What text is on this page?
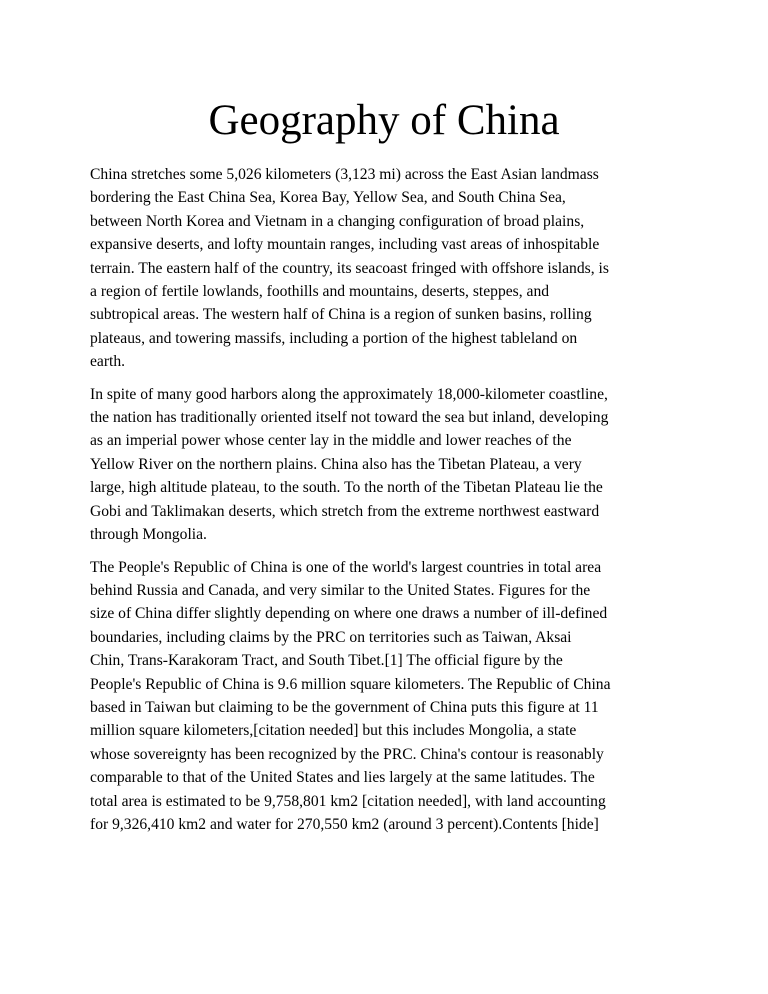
Geography of China

China stretches some 5,026 kilometers (3,123 mi) across the East Asian landmass
bordering the East China Sea, Korea Bay, Yellow Sea, and South China Sea,
between North Korea and Vietnam in a changing configuration of broad plains,
expansive deserts, and lofty mountain ranges, including vast areas of inhospitable
terrain. The eastern half of the country, its seacoast fringed with offshore islands, is
a region of fertile lowlands, foothills and mountains, deserts, steppes, and
subtropical areas. The western half of China is a region of sunken basins, rolling
plateaus, and towering massifs, including a portion of the highest tableland on
earth.

In spite of many good harbors along the approximately 18,000-kilometer coastline,
the nation has traditionally oriented itself not toward the sea but inland, developing
as an imperial power whose center lay in the middle and lower reaches of the
Yellow River on the northern plains. China also has the Tibetan Plateau, a very
large, high altitude plateau, to the south. To the north of the Tibetan Plateau lie the
Gobi and Taklimakan deserts, which stretch from the extreme northwest eastward
through Mongolia.

The People's Republic of China is one of the world's largest countries in total area
behind Russia and Canada, and very similar to the United States. Figures for the
size of China differ slightly depending on where one draws a number of ill-defined
boundaries, including claims by the PRC on territories such as Taiwan, Aksai
Chin, Trans-Karakoram Tract, and South Tibet.[1] The official figure by the
People's Republic of China is 9.6 million square kilometers. The Republic of China
based in Taiwan but claiming to be the government of China puts this figure at 11
million square kilometers,[citation needed] but this includes Mongolia, a state
whose sovereignty has been recognized by the PRC. China's contour is reasonably
comparable to that of the United States and lies largely at the same latitudes. The
total area is estimated to be 9,758,801 km2 [citation needed], with land accounting
for 9,326,410 km2 and water for 270,550 km2 (around 3 percent).Contents [hide]
